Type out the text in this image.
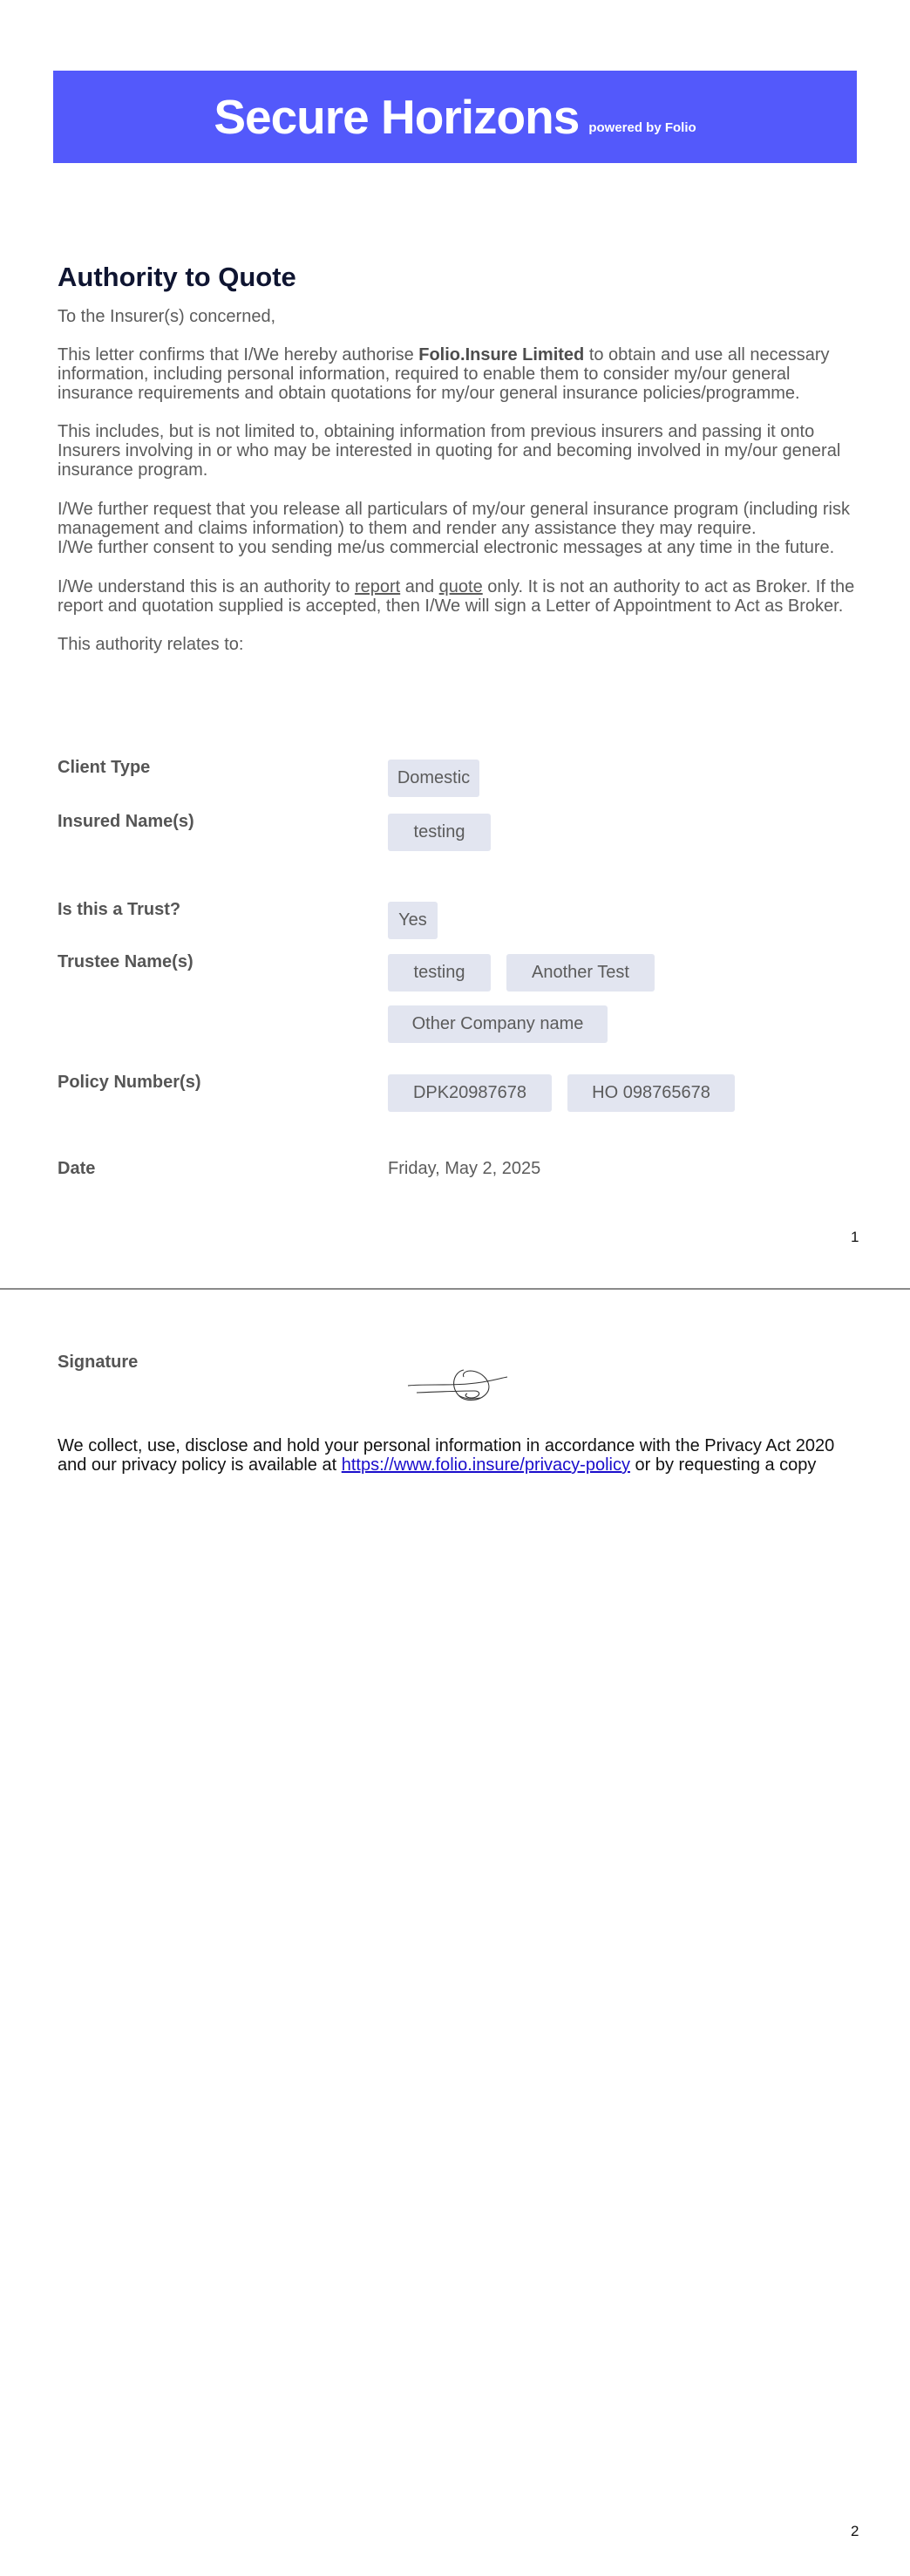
Secure Horizons powered by Folio
Authority to Quote

To the Insurer(s) concerned,

This letter confirms that I/We hereby authorise Folio.Insure Limited to obtain and use all necessary information, including personal information, required to enable them to consider my/our general insurance requirements and obtain quotations for my/our general insurance policies/programme.

This includes, but is not limited to, obtaining information from previous insurers and passing it onto Insurers involving in or who may be interested in quoting for and becoming involved in my/our general insurance program.

I/We further request that you release all particulars of my/our general insurance program (including risk management and claims information) to them and render any assistance they may require.
I/We further consent to you sending me/us commercial electronic messages at any time in the future.

I/We understand this is an authority to report and quote only. It is not an authority to act as Broker. If the report and quotation supplied is accepted, then I/We will sign a Letter of Appointment to Act as Broker.

This authority relates to:

Client Type
Domestic
Insured Name(s)
testing
Is this a Trust?
Yes
Trustee Name(s)
testing	Another Test
Other Company name
Policy Number(s)
DPK20987678	HO 098765678
Date	Friday, May 2, 2025
1
Signature

We collect, use, disclose and hold your personal information in accordance with the Privacy Act 2020 and our privacy policy is available at https://www.folio.insure/privacy-policy or by requesting a copy

2
